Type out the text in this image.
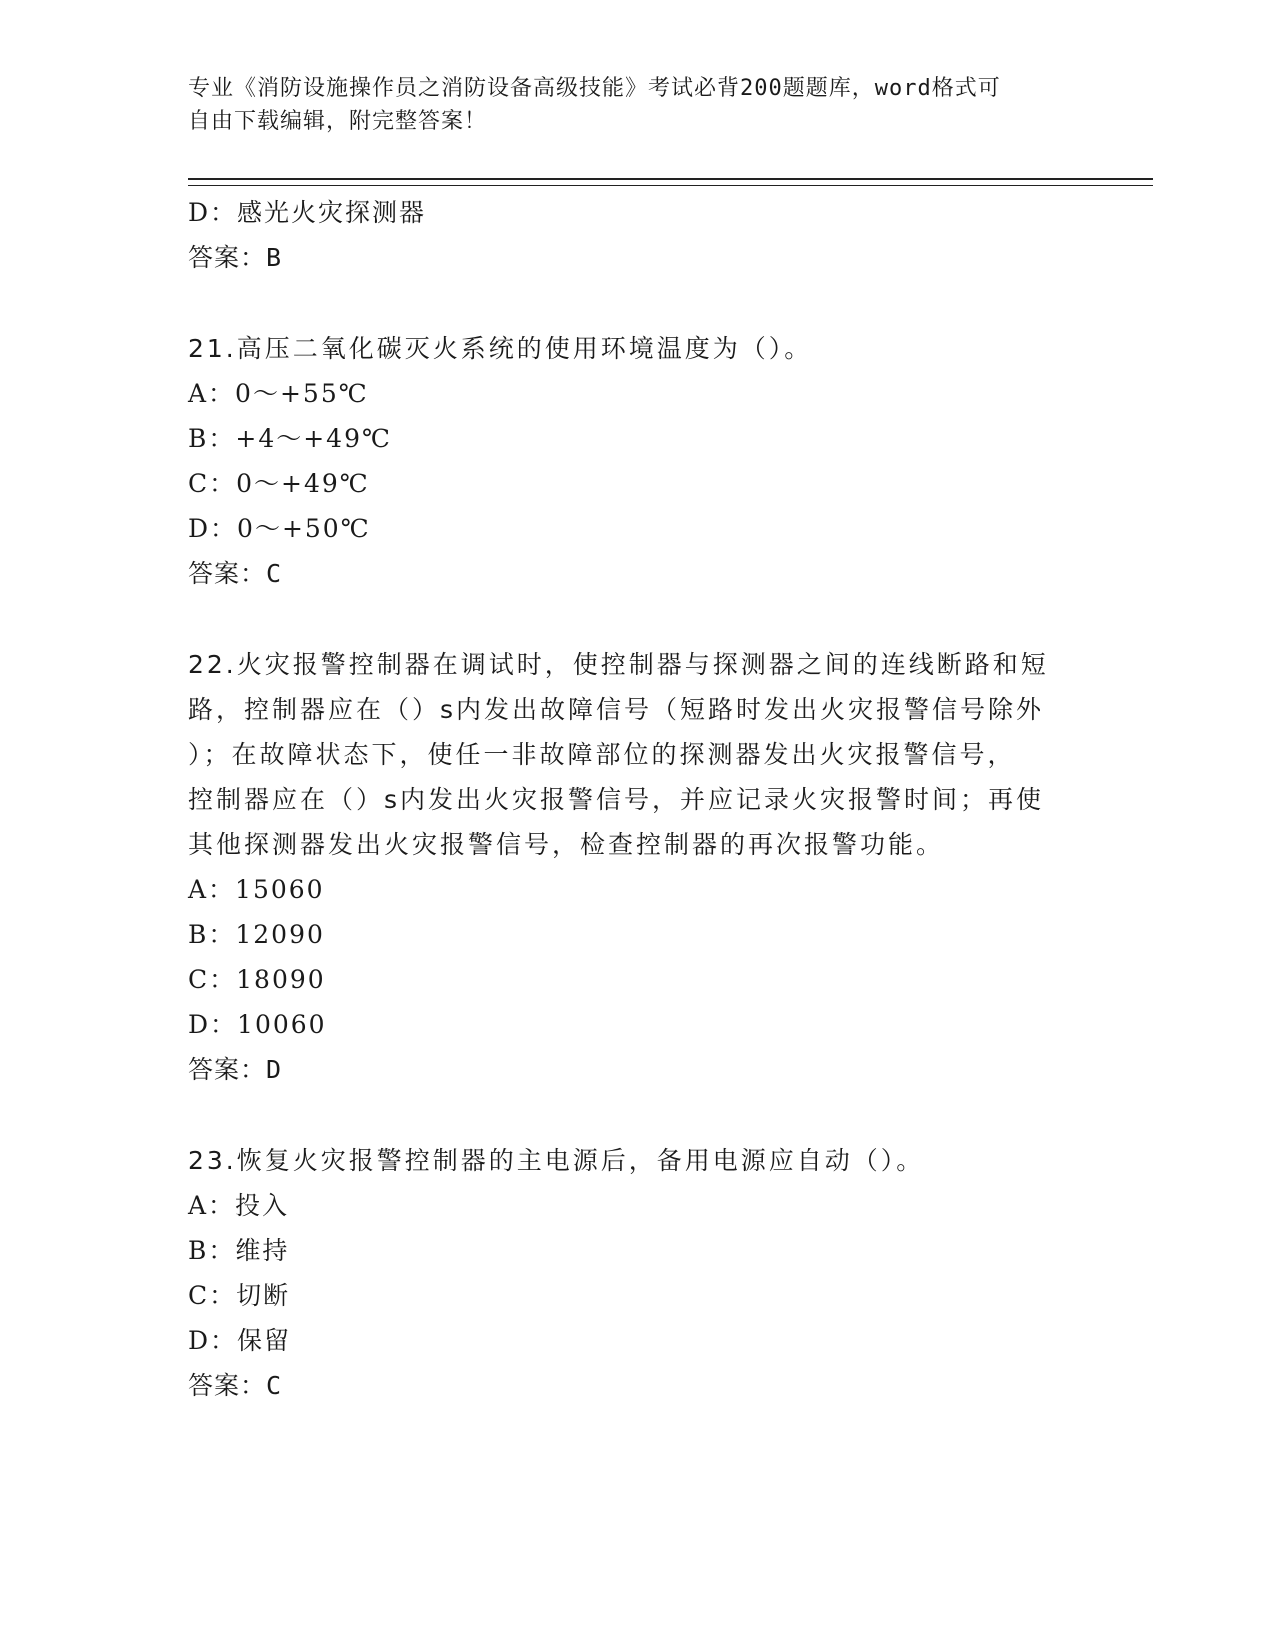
专业《消防设施操作员之消防设备高级技能》考试必背200题题库，word格式可
自由下载编辑，附完整答案！
D：感光火灾探测器
答案：B
21.高压二氧化碳灭火系统的使用环境温度为（）。
A：0～+55℃
B：+4～+49℃
C：0～+49℃
D：0～+50℃
答案：C
22.火灾报警控制器在调试时，使控制器与探测器之间的连线断路和短
路，控制器应在（）s内发出故障信号（短路时发出火灾报警信号除外
）；在故障状态下，使任一非故障部位的探测器发出火灾报警信号，
控制器应在（）s内发出火灾报警信号，并应记录火灾报警时间；再使
其他探测器发出火灾报警信号，检查控制器的再次报警功能。
A：15060
B：12090
C：18090
D：10060
答案：D
23.恢复火灾报警控制器的主电源后，备用电源应自动（）。
A：投入
B：维持
C：切断
D：保留
答案：C
